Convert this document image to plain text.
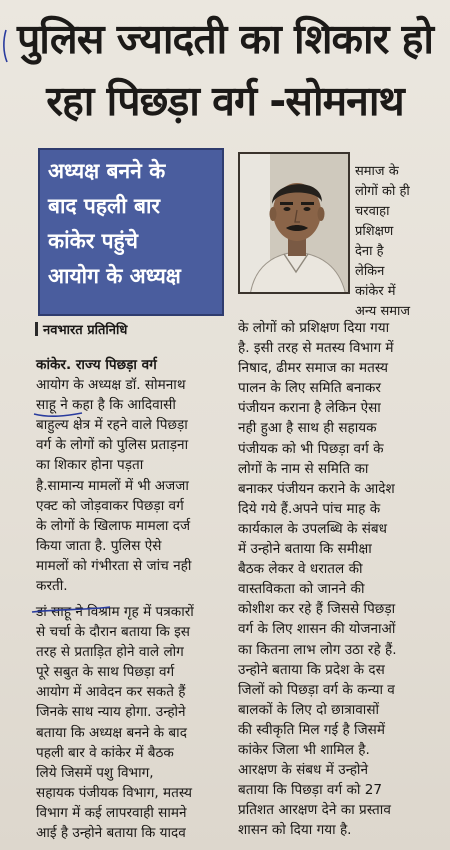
पुलिस ज्यादती का शिकार हो
रहा पिछड़ा वर्ग -सोमनाथ
अध्यक्ष बनने के
बाद पहली बार
कांकेर पहुंचे
आयोग के अध्यक्ष
समाज के
लोगों को ही
चरवाहा
प्रशिक्षण
देना है
लेकिन
कांकेर में
अन्य समाज
नवभारत प्रतिनिधि
कांकेर. राज्य पिछड़ा वर्ग
आयोग के अध्यक्ष डॉ. सोमनाथ
साहू ने कहा है कि आदिवासी
बाहुल्य क्षेत्र में रहने वाले पिछड़ा
वर्ग के लोगों को पुलिस प्रताड़ना
का शिकार होना पड़ता
है.सामान्य मामलों में भी अजजा
एक्ट को जोड़वाकर पिछड़ा वर्ग
के लोगों के खिलाफ मामला दर्ज
किया जाता है. पुलिस ऐसे
मामलों को गंभीरता से जांच नही
करती.
डां साहू ने विश्राम गृह में पत्रकारों
से चर्चा के दौरान बताया कि इस
तरह से प्रताड़ित होने वाले लोग
पूरे सबुत के साथ पिछड़ा वर्ग
आयोग में आवेदन कर सकते हैं
जिनके साथ न्याय होगा. उन्होने
बताया कि अध्यक्ष बनने के बाद
पहली बार वे कांकेर में बैठक
लिये जिसमें पशु विभाग,
सहायक पंजीयक विभाग, मतस्य
विभाग में कई लापरवाही सामने
आई है उन्होने बताया कि यादव
के लोगों को प्रशिक्षण दिया गया
है. इसी तरह से मतस्य विभाग में
निषाद, ढीमर समाज का मतस्य
पालन के लिए समिति बनाकर
पंजीयन कराना है लेकिन ऐसा
नही हुआ है साथ ही सहायक
पंजीयक को भी पिछड़ा वर्ग के
लोगों के नाम से समिति का
बनाकर पंजीयन कराने के आदेश
दिये गये हैं.अपने पांच माह के
कार्यकाल के उपलब्धि के संबध
में उन्होने बताया कि समीक्षा
बैठक लेकर वे धरातल की
वास्तविकता को जानने की
कोशीश कर रहे हैं जिससे पिछड़ा
वर्ग के लिए शासन की योजनाओं
का कितना लाभ लोग उठा रहे हैं.
उन्होने बताया कि प्रदेश के दस
जिलों को पिछड़ा वर्ग के कन्या व
बालकों के लिए दो छात्रावासों
की स्वीकृति मिल गई है जिसमें
कांकेर जिला भी शामिल है.
आरक्षण के संबध में उन्होने
बताया कि पिछड़ा वर्ग को 27
प्रतिशत आरक्षण देने का प्रस्ताव
शासन को दिया गया है.
